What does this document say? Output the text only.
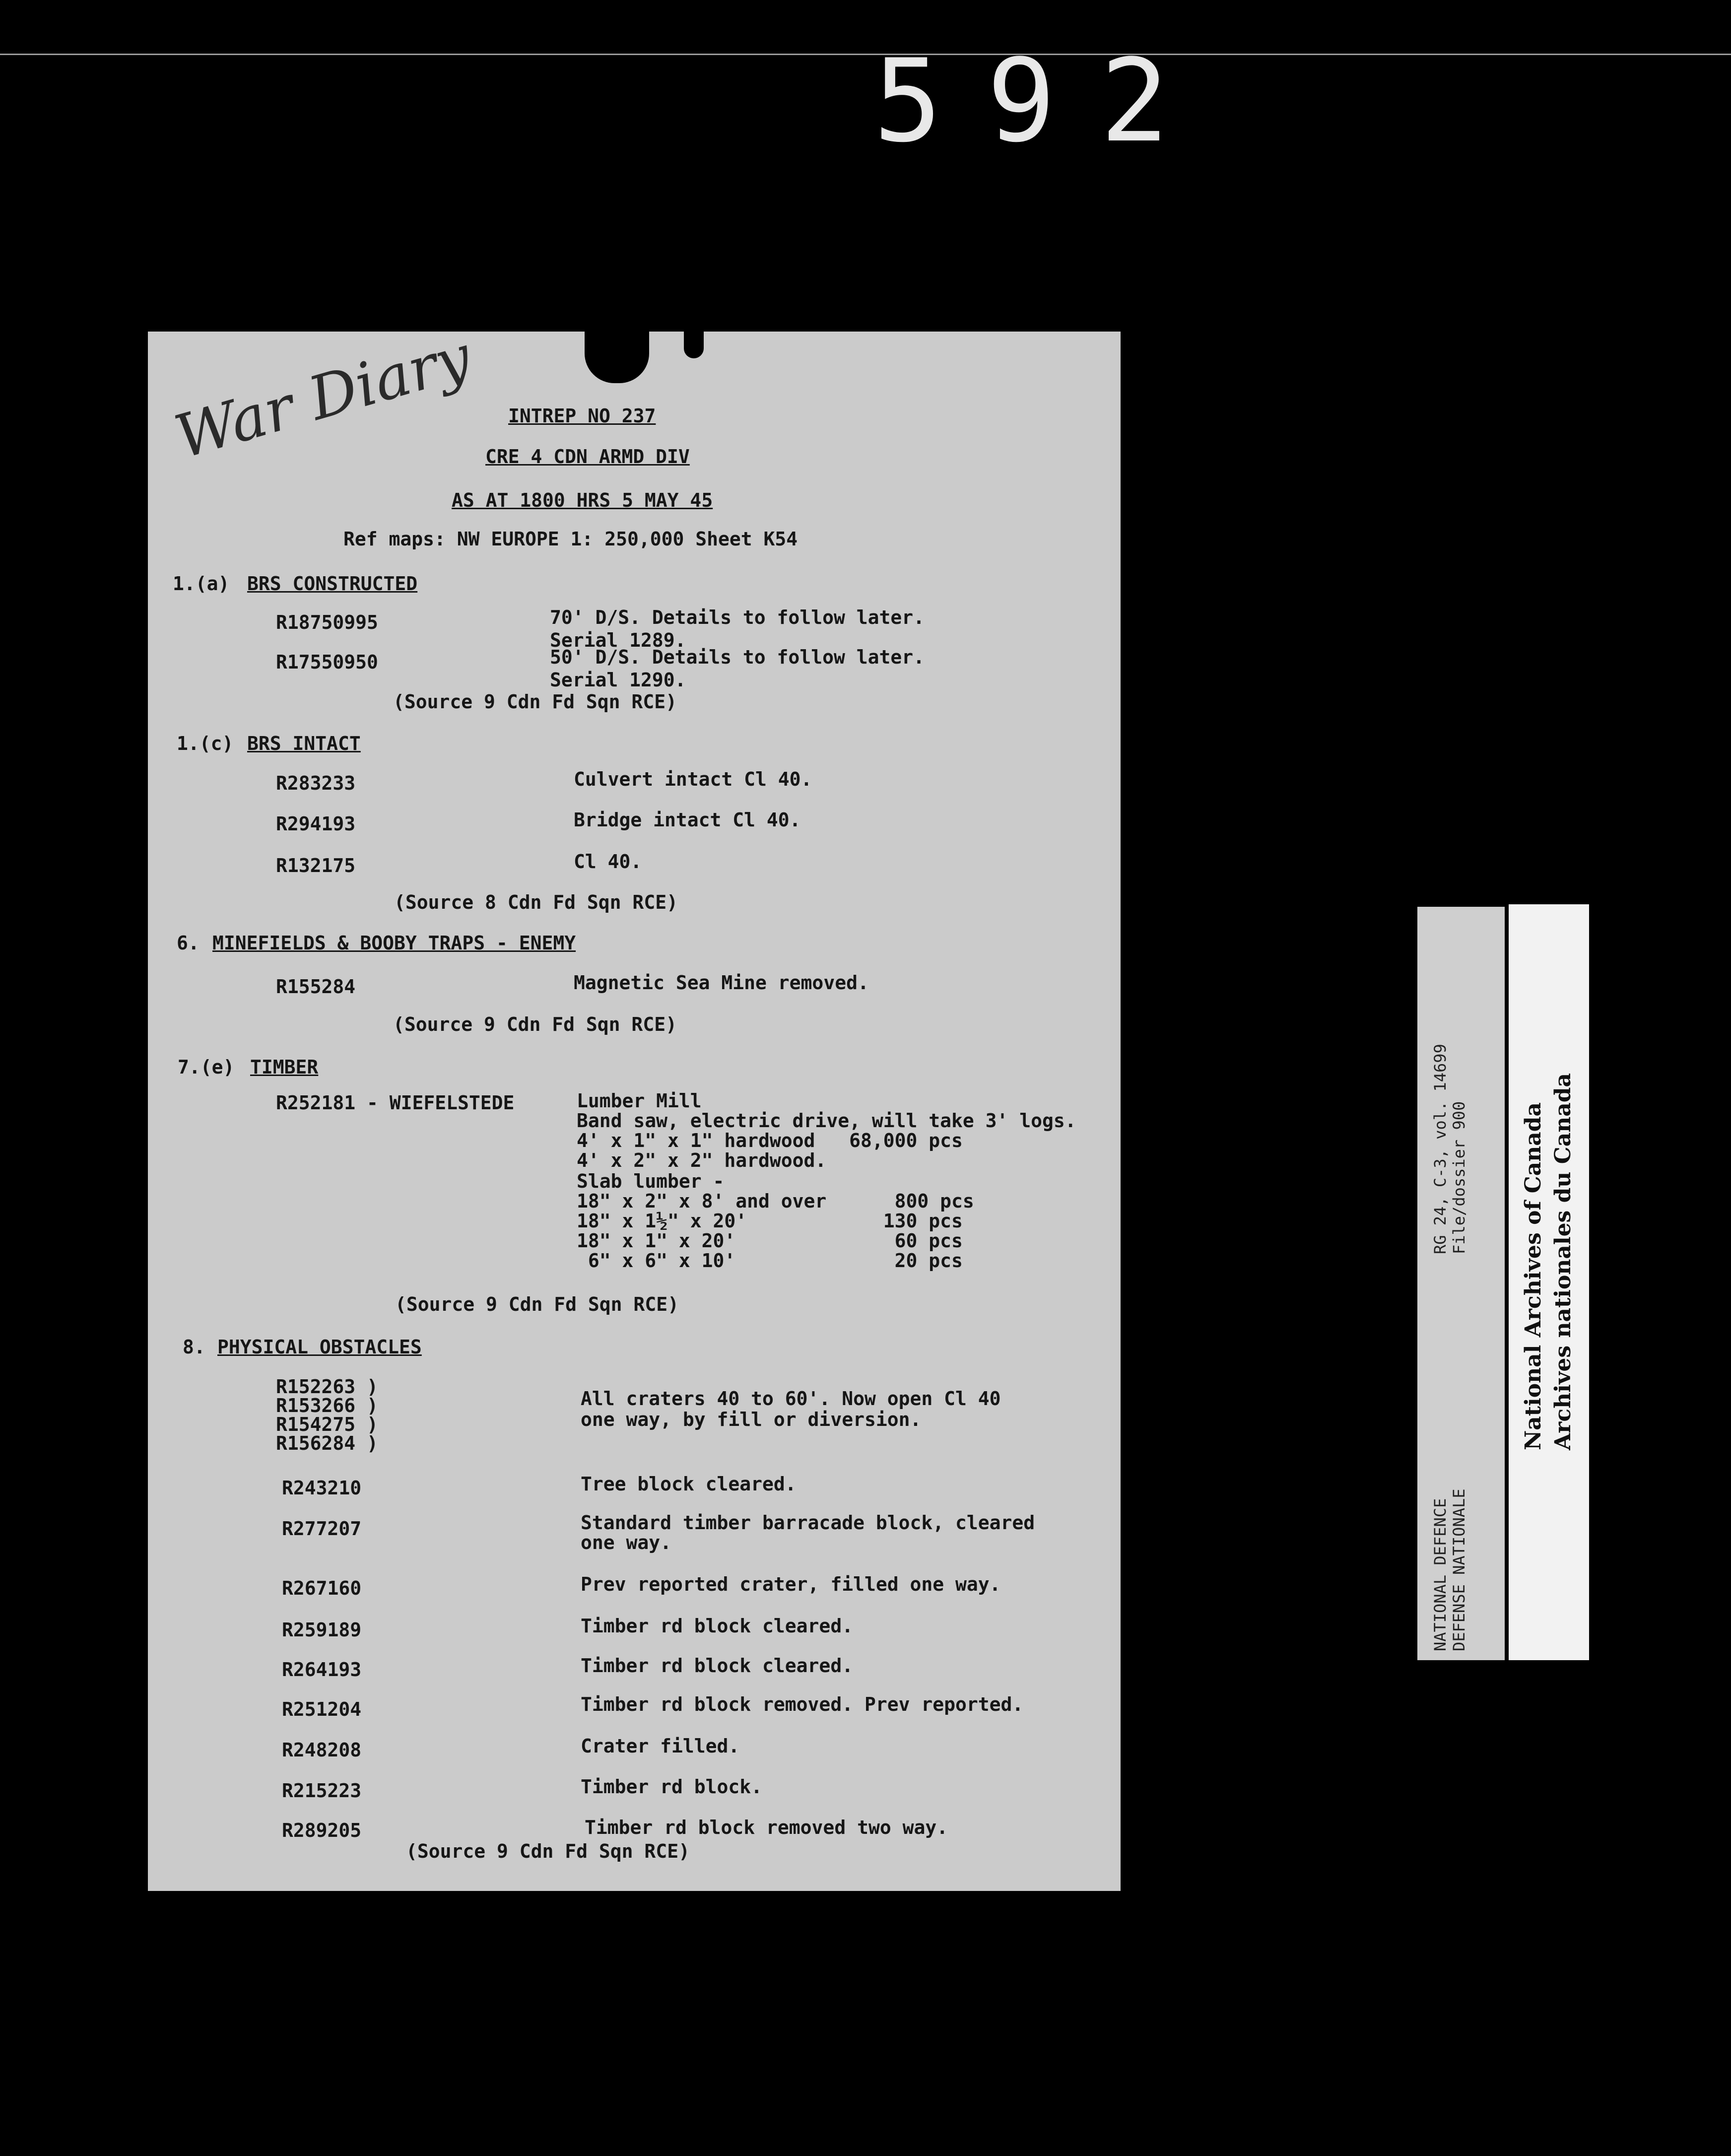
592
War Diary INTREP NO 237
CRE 4 CDN ARMD DIV
AS AT 1800 HRS 5 MAY 45
Ref maps: NW EUROPE 1: 250,000 Sheet K54
1.(a) BRS CONSTRUCTED
R18750995	70' D/S. Details to follow later.
Serial 1289.
R17550950	50' D/S. Details to follow later.
Serial 1290.
(Source 9 Cdn Fd Sqn RCE)
1.(c) BRS INTACT
R283233	Culvert intact Cl 40.
R294193	Bridge intact Cl 40.
R132175	Cl 40.
(Source 8 Cdn Fd Sqn RCE)
6. MINEFIELDS & BOOBY TRAPS - ENEMY
R155284	Magnetic Sea Mine removed.
(Source 9 Cdn Fd Sqn RCE)
7.(e) TIMBER
R252181 - WIEFELSTEDE	Lumber Mill
Band saw, electric drive, will take 3' logs.
4' x 1" x 1" hardwood   68,000 pcs
4' x 2" x 2" hardwood.
Slab lumber -
18" x 2" x 8' and over      800 pcs
18" x 1½" x 20'            130 pcs
18" x 1" x 20'              60 pcs
6" x 6" x 10'              20 pcs
(Source 9 Cdn Fd Sqn RCE)
8. PHYSICAL OBSTACLES
R152263 )
R153266 )
R154275 )
R156284 )
All craters 40 to 60'. Now open Cl 40
one way, by fill or diversion.
R243210	Tree block cleared.
R277207	Standard timber barracade block, cleared
one way.
R267160	Prev reported crater, filled one way.
R259189	Timber rd block cleared.
R264193	Timber rd block cleared.
R251204	Timber rd block removed. Prev reported.
R248208	Crater filled.
R215223	Timber rd block.
R289205	Timber rd block removed two way.
(Source 9 Cdn Fd Sqn RCE)
RG 24, C-3, vol. 14699 File/dossier 900
NATIONAL DEFENCE DEFENSE NATIONALE
National Archives of Canada Archives nationales du Canada
